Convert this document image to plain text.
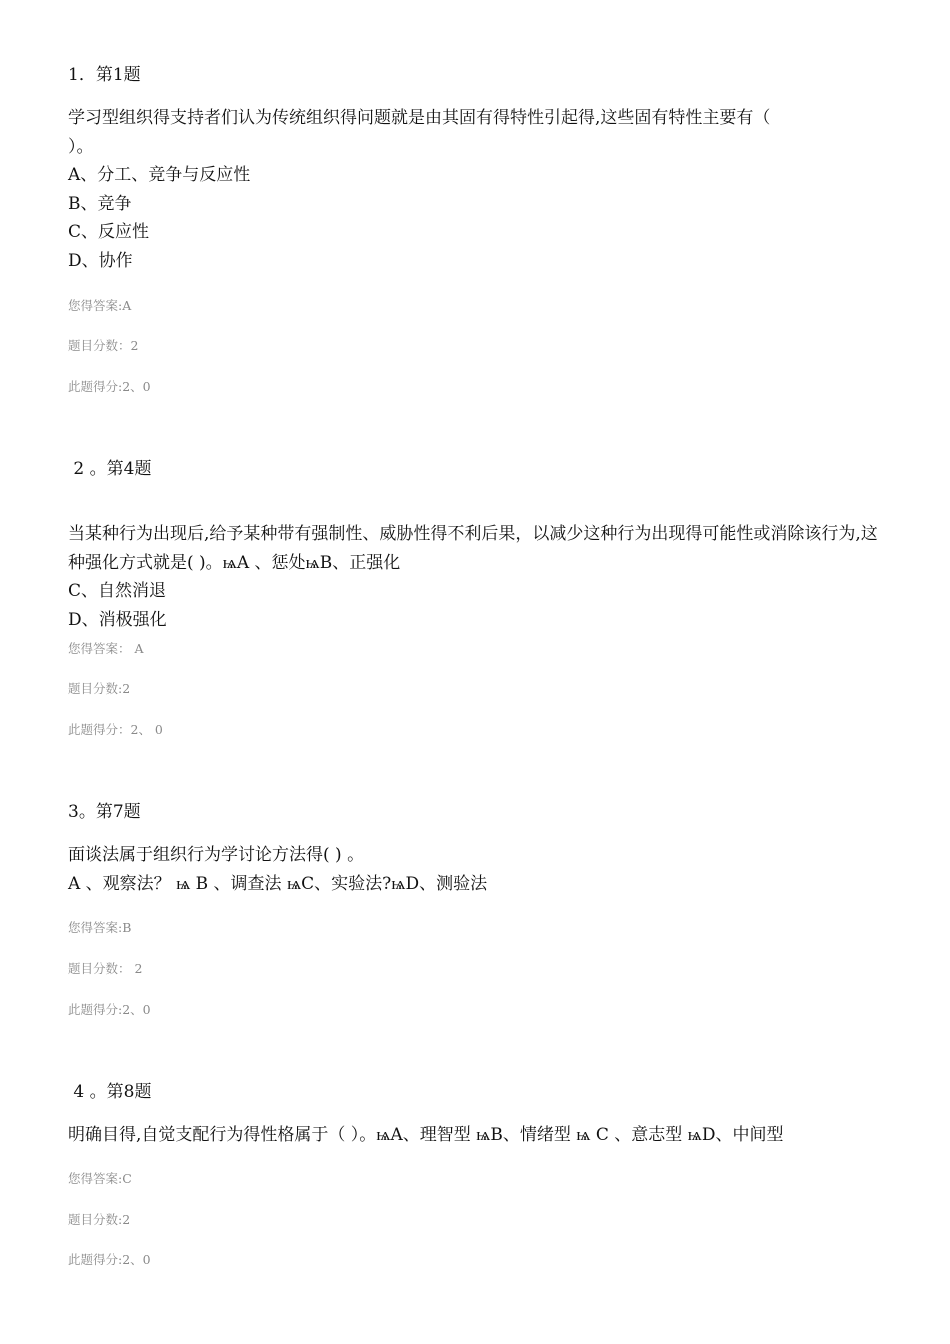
1．第1题
学习型组织得支持者们认为传统组织得问题就是由其固有得特性引起得,这些固有特性主要有（
）。
A、分工、竞争与反应性
B、竞争
C、反应性
D、协作
您得答案:A
题目分数：2
此题得分:2、0
2 。第4题
当某种行为出现后,给予某种带有强制性、威胁性得不利后果，以减少这种行为出现得可能性或消除该行为,这
种强化方式就是( )。ѩA 、惩处ѩB、正强化
C、自然消退
D、消极强化
您得答案： A
题目分数:2
此题得分：2、 0
3。第7题
面谈法属于组织行为学讨论方法得( ) 。
A 、观察法？ ѩ B 、调查法 ѩC、实验法?ѩD、测验法
您得答案:B
题目分数： 2
此题得分:2、0
4 。第8题
明确目得,自觉支配行为得性格属于（ ）。ѩA、理智型 ѩB、情绪型 ѩ C 、意志型 ѩD、中间型
您得答案:C
题目分数:2
此题得分:2、0
